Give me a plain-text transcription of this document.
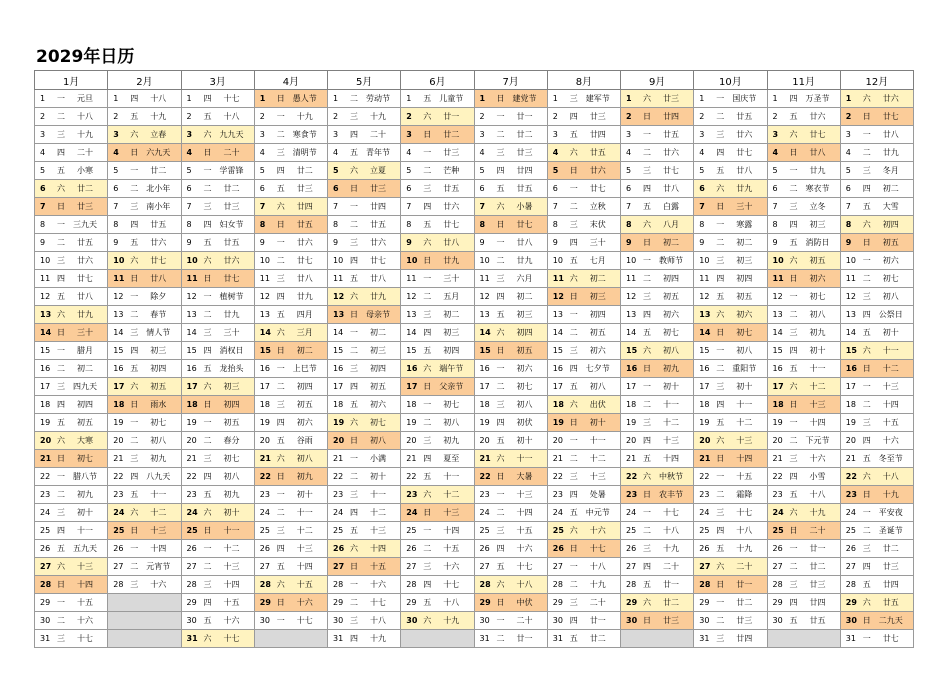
2029年日历
1月	2月	3月	4月	5月	6月	7月	8月	9月	10月	11月	12月
1 一 元旦	1 四 十八	1 四 十七	1 日 愚人节	1 二 劳动节	1 五 儿童节	1 日 建党节	1 三 建军节	1 六 廿三	1 一 国庆节	1 四 万圣节	1 六 廿六
2 二 十八	2 五 十九	2 五 十八	2 一 十九	2 三 十九	2 六 廿一	2 一 廿一	2 四 廿三	2 日 廿四	2 二 廿五	2 五 廿六	2 日 廿七
3 三 十九	3 六 立春	3 六 九九天	3 二 寒食节	3 四 二十	3 日 廿二	3 二 廿二	3 五 廿四	3 一 廿五	3 三 廿六	3 六 廿七	3 一 廿八
4 四 二十	4 日 六九天	4 日 二十	4 三 清明节	4 五 青年节	4 一 廿三	4 三 廿三	4 六 廿五	4 二 廿六	4 四 廿七	4 日 廿八	4 二 廿九
5 五 小寒	5 一 廿二	5 一 学雷锋	5 四 廿二	5 六 立夏	5 二 芒种	5 四 廿四	5 日 廿六	5 三 廿七	5 五 廿八	5 一 廿九	5 三 冬月
6 六 廿二	6 二 北小年	6 二 廿二	6 五 廿三	6 日 廿三	6 三 廿五	6 五 廿五	6 一 廿七	6 四 廿八	6 六 廿九	6 二 寒衣节	6 四 初二
7 日 廿三	7 三 南小年	7 三 廿三	7 六 廿四	7 一 廿四	7 四 廿六	7 六 小暑	7 二 立秋	7 五 白露	7 日 三十	7 三 立冬	7 五 大雪
8 一 三九天	8 四 廿五	8 四 妇女节	8 日 廿五	8 二 廿五	8 五 廿七	8 日 廿七	8 三 末伏	8 六 八月	8 一 寒露	8 四 初三	8 六 初四
9 二 廿五	9 五 廿六	9 五 廿五	9 一 廿六	9 三 廿六	9 六 廿八	9 一 廿八	9 四 三十	9 日 初二	9 二 初二	9 五 消防日	9 日 初五
10 三 廿六	10 六 廿七	10 六 廿六	10 二 廿七	10 四 廿七	10 日 廿九	10 二 廿九	10 五 七月	10 一 教师节	10 三 初三	10 六 初五	10 一 初六
11 四 廿七	11 日 廿八	11 日 廿七	11 三 廿八	11 五 廿八	11 一 三十	11 三 六月	11 六 初二	11 二 初四	11 四 初四	11 日 初六	11 二 初七
12 五 廿八	12 一 除夕	12 一 植树节	12 四 廿九	12 六 廿九	12 二 五月	12 四 初二	12 日 初三	12 三 初五	12 五 初五	12 一 初七	12 三 初八
13 六 廿九	13 二 春节	13 二 廿九	13 五 四月	13 日 母亲节	13 三 初二	13 五 初三	13 一 初四	13 四 初六	13 六 初六	13 二 初八	13 四 公祭日
14 日 三十	14 三 情人节	14 三 三十	14 六 三月	14 一 初二	14 四 初三	14 六 初四	14 二 初五	14 五 初七	14 日 初七	14 三 初九	14 五 初十
15 一 腊月	15 四 初三	15 四 消权日	15 日 初二	15 二 初三	15 五 初四	15 日 初五	15 三 初六	15 六 初八	15 一 初八	15 四 初十	15 六 十一
16 二 初二	16 五 初四	16 五 龙抬头	16 一 上巳节	16 三 初四	16 六 端午节	16 一 初六	16 四 七夕节	16 日 初九	16 二 重阳节	16 五 十一	16 日 十二
17 三 四九天	17 六 初五	17 六 初三	17 二 初四	17 四 初五	17 日 父亲节	17 二 初七	17 五 初八	17 一 初十	17 三 初十	17 六 十二	17 一 十三
18 四 初四	18 日 雨水	18 日 初四	18 三 初五	18 五 初六	18 一 初七	18 三 初八	18 六 出伏	18 二 十一	18 四 十一	18 日 十三	18 二 十四
19 五 初五	19 一 初七	19 一 初五	19 四 初六	19 六 初七	19 二 初八	19 四 初伏	19 日 初十	19 三 十二	19 五 十二	19 一 十四	19 三 十五
20 六 大寒	20 二 初八	20 二 春分	20 五 谷雨	20 日 初八	20 三 初九	20 五 初十	20 一 十一	20 四 十三	20 六 十三	20 二 下元节	20 四 十六
21 日 初七	21 三 初九	21 三 初七	21 六 初八	21 一 小满	21 四 夏至	21 六 十一	21 二 十二	21 五 十四	21 日 十四	21 三 十六	21 五 冬至节
22 一 腊八节	22 四 八九天	22 四 初八	22 日 初九	22 二 初十	22 五 十一	22 日 大暑	22 三 十三	22 六 中秋节	22 一 十五	22 四 小雪	22 六 十八
23 二 初九	23 五 十一	23 五 初九	23 一 初十	23 三 十一	23 六 十二	23 一 十三	23 四 处暑	23 日 农丰节	23 二 霜降	23 五 十八	23 日 十九
24 三 初十	24 六 十二	24 六 初十	24 二 十一	24 四 十二	24 日 十三	24 二 十四	24 五 中元节	24 一 十七	24 三 十七	24 六 十九	24 一 平安夜
25 四 十一	25 日 十三	25 日 十一	25 三 十二	25 五 十三	25 一 十四	25 三 十五	25 六 十六	25 二 十八	25 四 十八	25 日 二十	25 二 圣诞节
26 五 五九天	26 一 十四	26 一 十二	26 四 十三	26 六 十四	26 二 十五	26 四 十六	26 日 十七	26 三 十九	26 五 十九	26 一 廿一	26 三 廿二
27 六 十三	27 二 元宵节	27 二 十三	27 五 十四	27 日 十五	27 三 十六	27 五 十七	27 一 十八	27 四 二十	27 六 二十	27 二 廿二	27 四 廿三
28 日 十四	28 三 十六	28 三 十四	28 六 十五	28 一 十六	28 四 十七	28 六 十八	28 二 十九	28 五 廿一	28 日 廿一	28 三 廿三	28 五 廿四
29 一 十五		29 四 十五	29 日 十六	29 二 十七	29 五 十八	29 日 中伏	29 三 二十	29 六 廿二	29 一 廿二	29 四 廿四	29 六 廿五
30 二 十六		30 五 十六	30 一 十七	30 三 十八	30 六 十九	30 一 二十	30 四 廿一	30 日 廿三	30 二 廿三	30 五 廿五	30 日 二九天
31 三 十七		31 六 十七		31 四 十九		31 二 廿一	31 五 廿二		31 三 廿四		31 一 廿七
